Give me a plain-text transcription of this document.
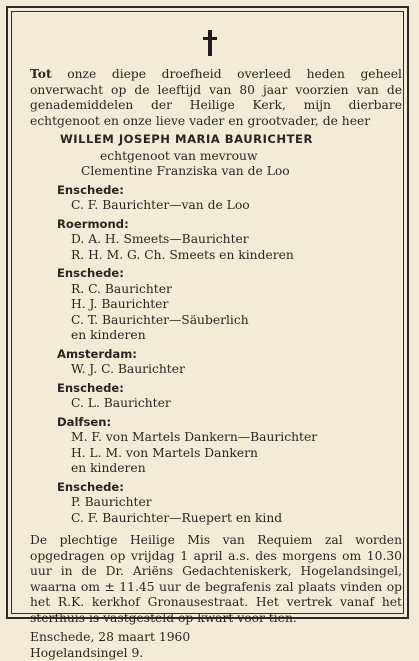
Tot onze diepe droefheid overleed heden geheel onverwacht op de leeftijd van 80 jaar voorzien van de genademiddelen der Heilige Kerk, mijn dierbare echtgenoot en onze lieve vader en grootvader, de heer
WILLEM JOSEPH MARIA BAURICHTER
echtgenoot van mevrouw
Clementine Franziska van de Loo
Enschede:
C. F. Baurichter—van de Loo
Roermond:
D. A. H. Smeets—Baurichter
R. H. M. G. Ch. Smeets en kinderen
Enschede:
R. C. Baurichter
H. J. Baurichter
C. T. Baurichter—Säuberlich
en kinderen
Amsterdam:
W. J. C. Baurichter
Enschede:
C. L. Baurichter
Dalfsen:
M. F. von Martels Dankern—Baurichter
H. L. M. von Martels Dankern
en kinderen
Enschede:
P. Baurichter
C. F. Baurichter—Ruepert en kind
De plechtige Heilige Mis van Requiem zal worden opgedragen op vrijdag 1 april a.s. des morgens om 10.30 uur in de Dr. Ariëns Gedachteniskerk, Hogelandsingel, waarna om ± 11.45 uur de begrafenis zal plaats vinden op het R.K. kerkhof Gronausestraat. Het vertrek vanaf het sterfhuis is vastgesteld op kwart voor tien.
Enschede, 28 maart 1960
Hogelandsingel 9.
